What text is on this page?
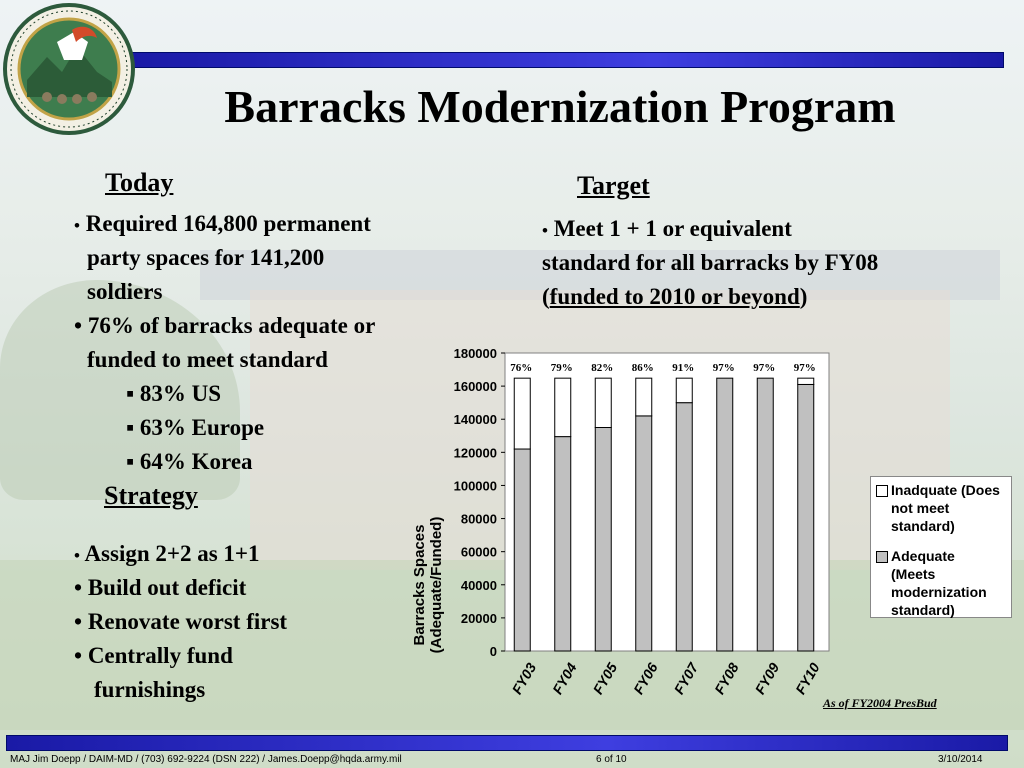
Barracks Modernization Program
Today
• Required 164,800 permanent
party spaces for 141,200
soldiers
• 76% of barracks adequate or
funded to meet standard
▪ 83% US
▪ 63% Europe
▪ 64% Korea
Strategy
• Assign 2+2 as 1+1
• Build out deficit
• Renovate worst first
• Centrally fund
furnishings
Target
• Meet 1 + 1 or equivalent
standard for all barracks by FY08
(funded to 2010 or beyond)
Barracks Spaces (Adequate/Funded)	0
20000
40000
60000
80000
100000
120000
140000
160000
180000
76%
FY03
79%
FY04
82%
FY05
86%
FY06
91%
FY07
97%
FY08
97%
FY09
97%
FY10
Inadquate (Does not meet standard)
Adequate (Meets modernization standard)
As of FY2004 PresBud
MAJ Jim Doepp / DAIM-MD / (703) 692-9224 (DSN 222) / James.Doepp@hqda.army.mil	6 of 10	3/10/2014
